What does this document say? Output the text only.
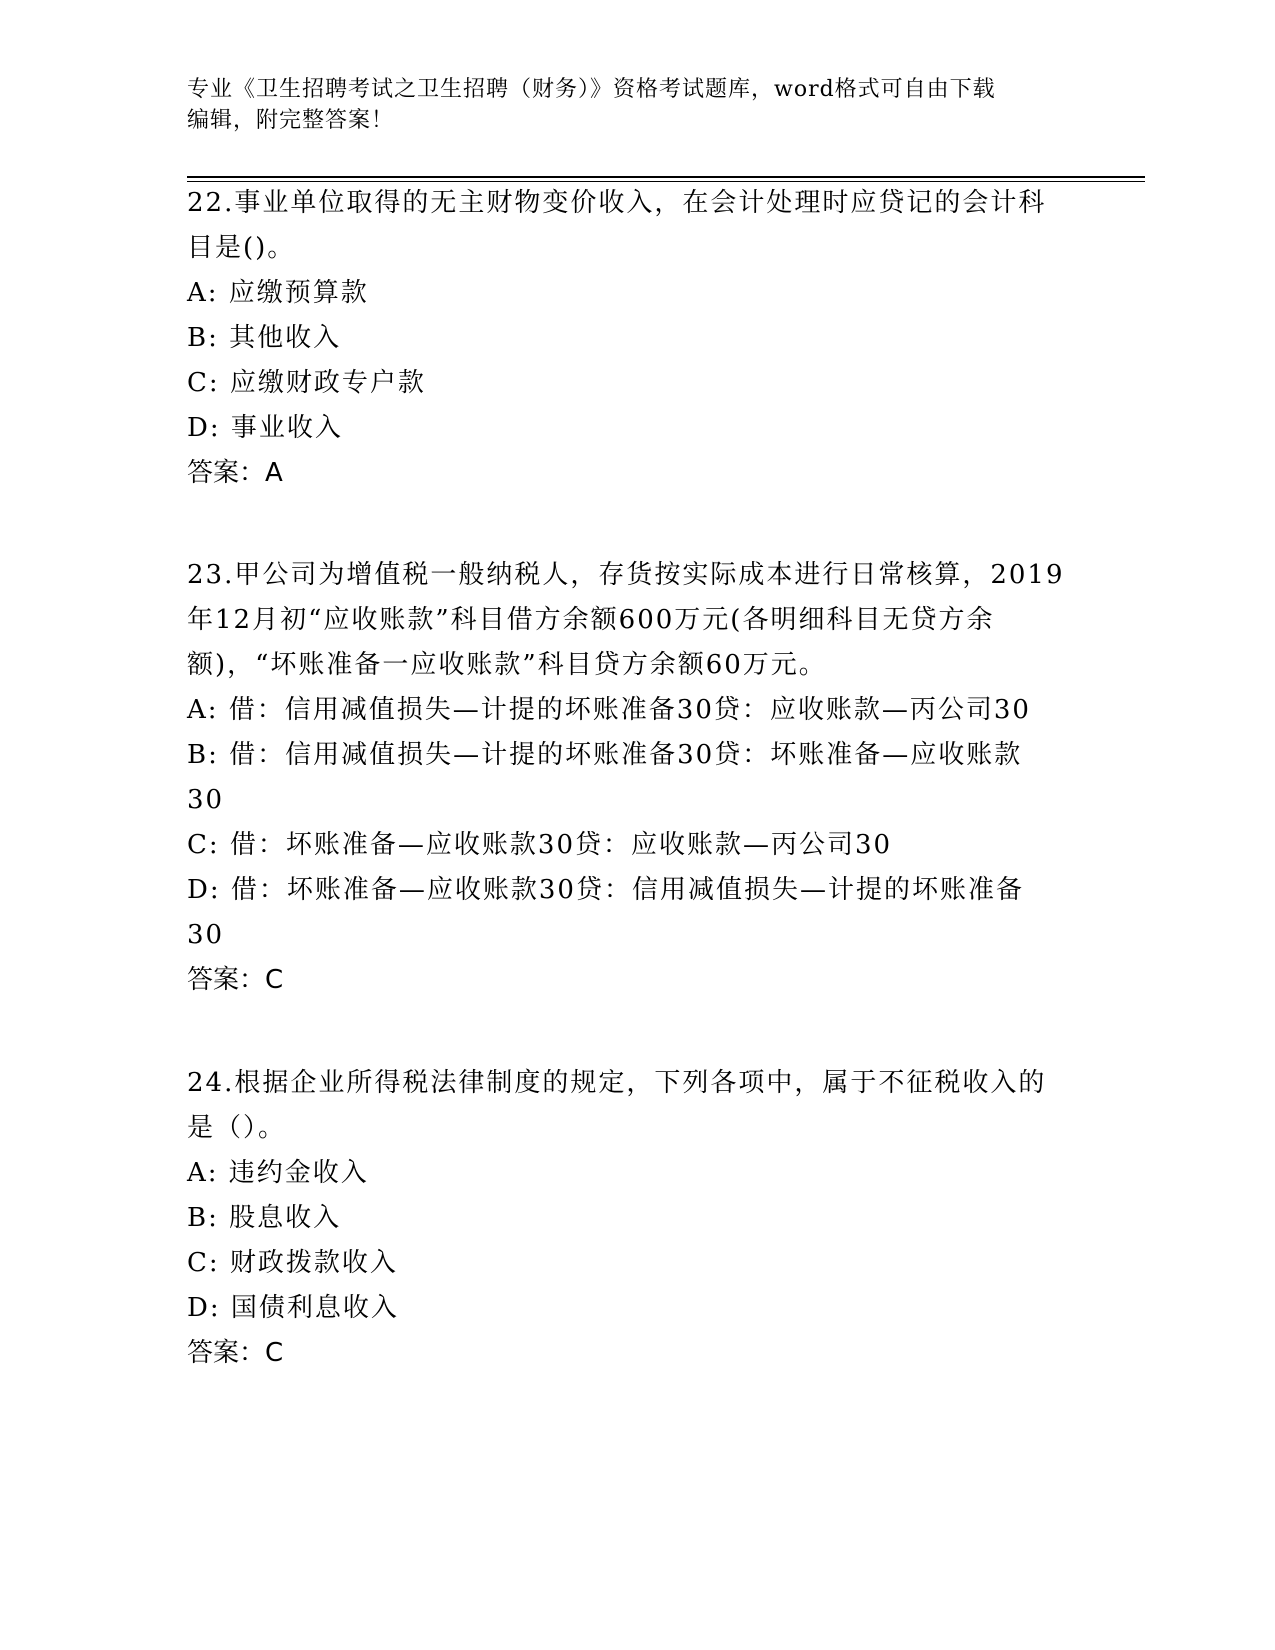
专业《卫生招聘考试之卫生招聘（财务）》资格考试题库，word格式可自由下载
编辑，附完整答案！
22.事业单位取得的无主财物变价收入，在会计处理时应贷记的会计科
目是()。
A: 应缴预算款
B: 其他收入
C: 应缴财政专户款
D: 事业收入
答案：A
23.甲公司为增值税一般纳税人，存货按实际成本进行日常核算，2019
年12月初“应收账款”科目借方余额600万元(各明细科目无贷方余
额)，“坏账准备一应收账款”科目贷方余额60万元。
A: 借：信用减值损失—计提的坏账准备30贷：应收账款—丙公司30
B: 借：信用减值损失—计提的坏账准备30贷：坏账准备—应收账款
30
C: 借：坏账准备—应收账款30贷：应收账款—丙公司30
D: 借：坏账准备—应收账款30贷：信用减值损失—计提的坏账准备
30
答案：C
24.根据企业所得税法律制度的规定，下列各项中，属于不征税收入的
是（）。
A: 违约金收入
B: 股息收入
C: 财政拨款收入
D: 国债利息收入
答案：C
